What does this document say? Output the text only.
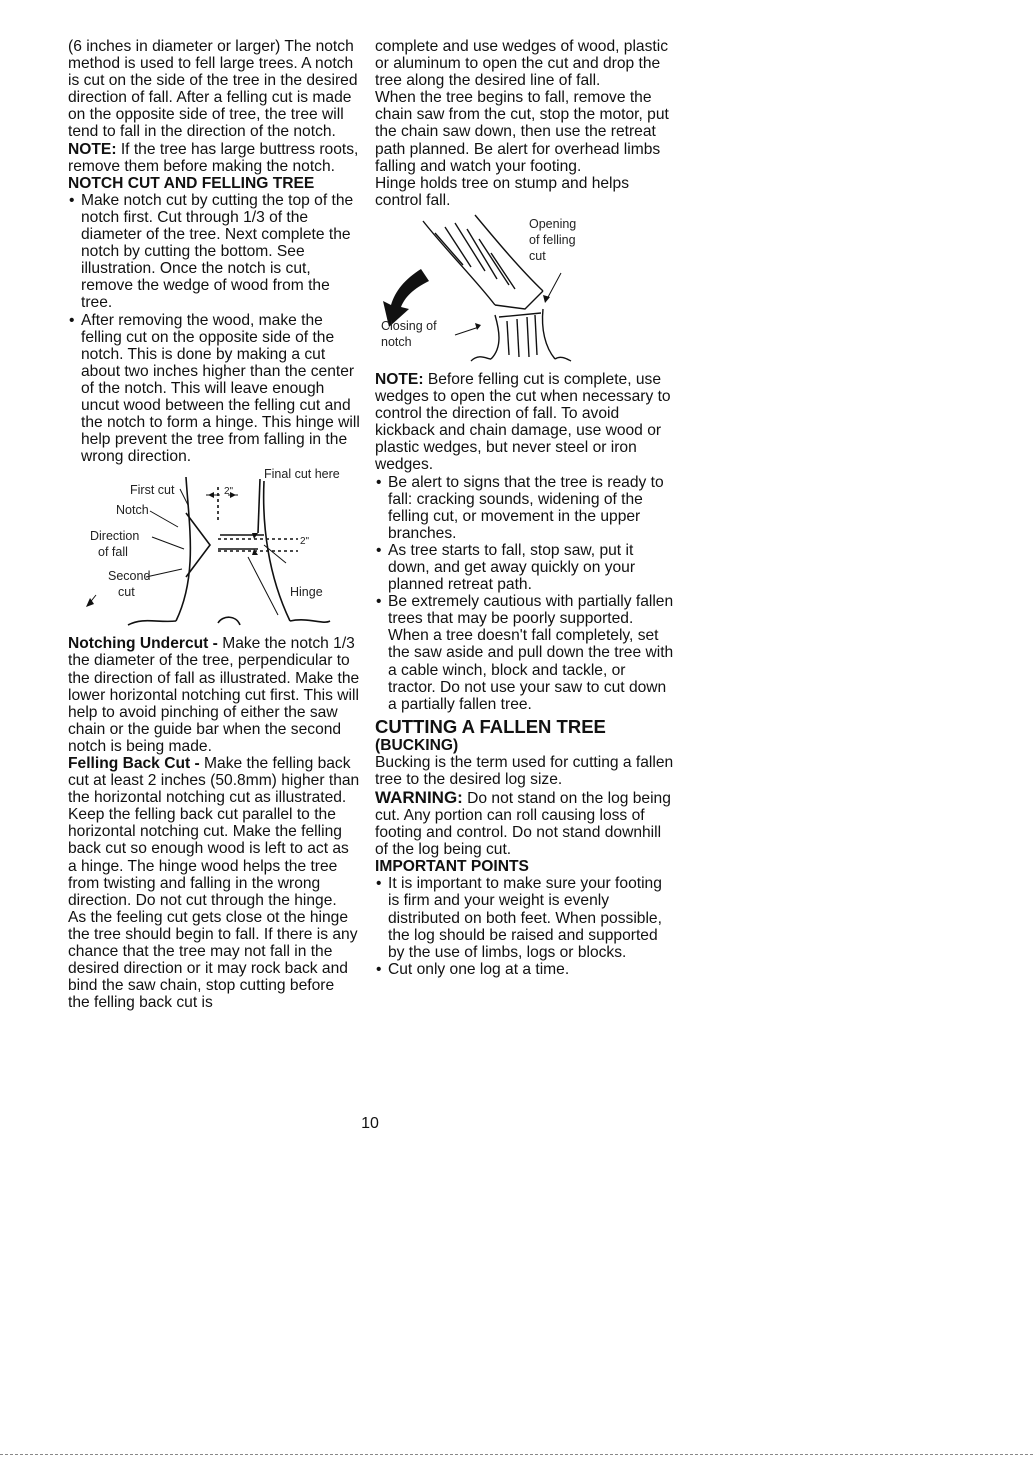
(6 inches in diameter or larger) The notch method is used to fell large trees. A notch is cut on the side of the tree in the desired direction of fall. After a felling cut is made on the opposite side of tree, the tree will tend to fall in the direction of the notch.

NOTE: If the tree has large buttress roots, remove them before making the notch.

NOTCH CUT AND FELLING TREE

• Make notch cut by cutting the top of the notch first. Cut through 1/3 of the diameter of the tree. Next complete the notch by cutting the bottom. See illustration. Once the notch is cut, remove the wedge of wood from the tree.
• After removing the wood, make the felling cut on the opposite side of the notch. This is done by making a cut about two inches higher than the center of the notch. This will leave enough uncut wood between the felling cut and the notch to form a hinge. This hinge will help prevent the tree from falling in the wrong direction.
Final cut here
First cut	2"
Notch
2"
Direction
of fall
Second
cut	Hinge

Notching Undercut - Make the notch 1/3 the diameter of the tree, perpendicular to the direction of fall as illustrated. Make the lower horizontal notching cut first. This will help to avoid pinching of either the saw chain or the guide bar when the second notch is being made.

Felling Back Cut - Make the felling back cut at least 2 inches (50.8mm) higher than the horizontal notching cut as illustrated. Keep the felling back cut parallel to the horizontal notching cut. Make the felling back cut so enough wood is left to act as a hinge. The hinge wood helps the tree from twisting and falling in the wrong direction. Do not cut through the hinge.

As the feeling cut gets close ot the hinge the tree should begin to fall. If there is any chance that the tree may not fall in the desired direction or it may rock back and bind the saw chain, stop cutting before the felling back cut is

complete and use wedges of wood, plastic or aluminum to open the cut and drop the tree along the desired line of fall.

When the tree begins to fall, remove the chain saw from the cut, stop the motor, put the chain saw down, then use the retreat path planned. Be alert for overhead limbs falling and watch your footing.

Hinge holds tree on stump and helps control fall.

Opening
of felling
cut
Closing of
notch

NOTE: Before felling cut is complete, use wedges to open the cut when necessary to control the direction of fall. To avoid kickback and chain damage, use wood or plastic wedges, but never steel or iron wedges.

• Be alert to signs that the tree is ready to fall: cracking sounds, widening of the felling cut, or movement in the upper branches.
• As tree starts to fall, stop saw, put it down, and get away quickly on your planned retreat path.
• Be extremely cautious with partially fallen trees that may be poorly supported. When a tree doesn't fall completely, set the saw aside and pull down the tree with a cable winch, block and tackle, or tractor. Do not use your saw to cut down a partially fallen tree.

CUTTING A FALLEN TREE

(BUCKING)

Bucking is the term used for cutting a fallen tree to the desired log size.

WARNING: Do not stand on the log being cut. Any portion can roll causing loss of footing and control. Do not stand downhill of the log being cut.

IMPORTANT POINTS

• It is important to make sure your footing is firm and your weight is evenly distributed on both feet. When possible, the log should be raised and supported by the use of limbs, logs or blocks.
• Cut only one log at a time.
10
